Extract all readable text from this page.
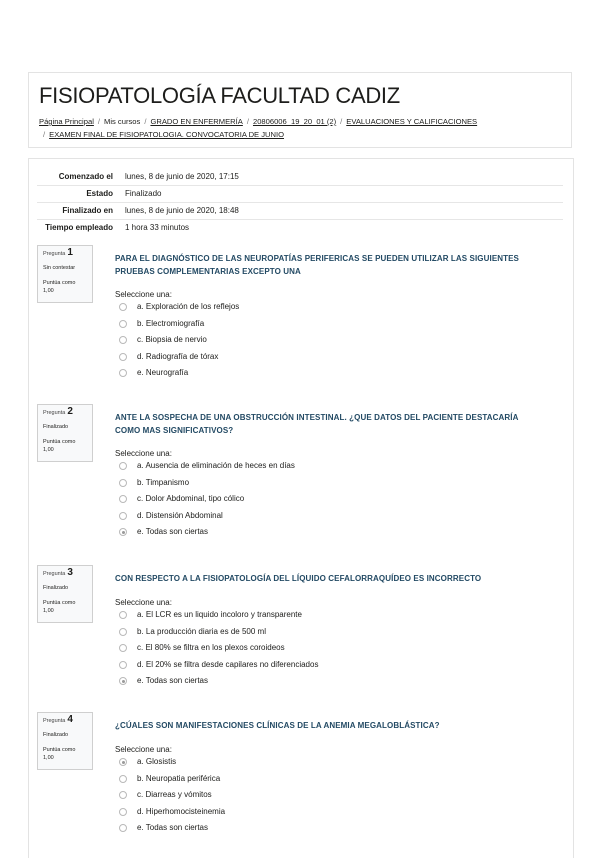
FISIOPATOLOGÍA FACULTAD CADIZ
Página Principal / Mis cursos / GRADO EN ENFERMERÍA / 20806006_19_20_01 (2) / EVALUACIONES Y CALIFICACIONES
/ EXAMEN FINAL DE FISIOPATOLOGIA. CONVOCATORIA DE JUNIO
Comenzado el	lunes, 8 de junio de 2020, 17:15
Estado	Finalizado
Finalizado en	lunes, 8 de junio de 2020, 18:48
Tiempo empleado	1 hora 33 minutos
Pregunta 1
Sin contestar
Puntúa como 1,00
PARA EL DIAGNÓSTICO DE LAS NEUROPATÍAS PERIFERICAS SE PUEDEN UTILIZAR LAS SIGUIENTES PRUEBAS COMPLEMENTARIAS EXCEPTO UNA
Seleccione una:
a. Exploración de los reflejos
b. Electromiografía
c. Biopsia de nervio
d. Radiografía de tórax
e. Neurografía
Pregunta 2
Finalizado
Puntúa como 1,00
ANTE LA SOSPECHA DE UNA OBSTRUCCIÓN INTESTINAL. ¿QUE DATOS DEL PACIENTE DESTACARÍA COMO MAS SIGNIFICATIVOS?
Seleccione una:
a. Ausencia de eliminación de heces en días
b. Timpanismo
c. Dolor Abdominal, tipo cólico
d. Distensión Abdominal
e. Todas son ciertas
Pregunta 3
Finalizado
Puntúa como 1,00
CON RESPECTO A LA FISIOPATOLOGÍA DEL LÍQUIDO CEFALORRAQUÍDEO ES INCORRECTO
Seleccione una:
a. El LCR es un liquido incoloro y transparente
b. La producción diaria es de 500 ml
c. El 80% se filtra en los plexos coroideos
d. El 20% se filtra desde capilares no diferenciados
e. Todas son ciertas
Pregunta 4
Finalizado
Puntúa como 1,00
¿CÚALES SON MANIFESTACIONES CLÍNICAS DE LA ANEMIA MEGALOBLÁSTICA?
Seleccione una:
a. Glosistis
b. Neuropatia periférica
c. Diarreas y vómitos
d. Hiperhomocisteinemia
e. Todas son ciertas
